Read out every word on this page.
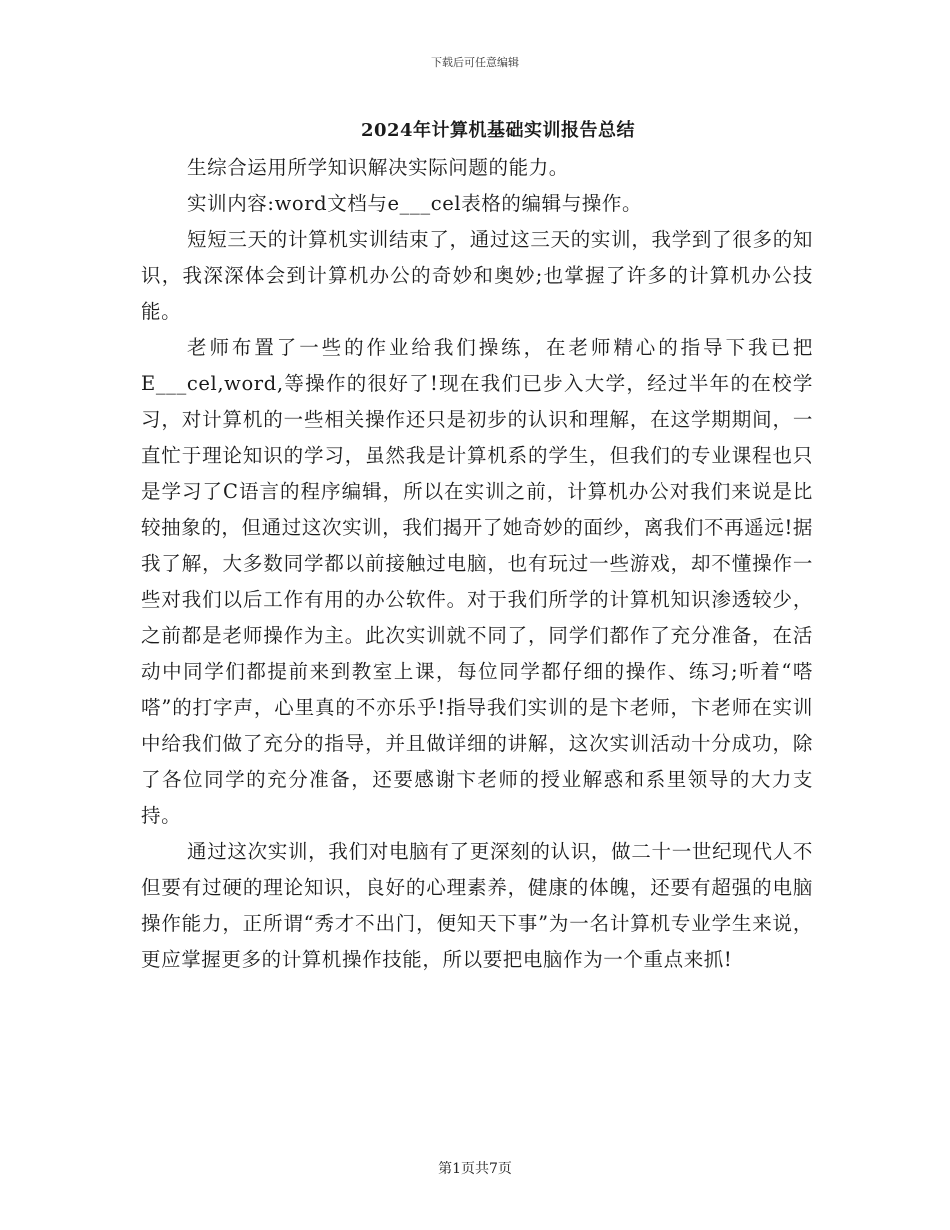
下载后可任意编辑
2024年计算机基础实训报告总结

生综合运用所学知识解决实际问题的能力。

实训内容:word文档与e___cel表格的编辑与操作。

短短三天的计算机实训结束了，通过这三天的实训，我学到了很多的知识，我深深体会到计算机办公的奇妙和奥妙;也掌握了许多的计算机办公技能。

老师布置了一些的作业给我们操练，在老师精心的指导下我已把E___cel,word,等操作的很好了!现在我们已步入大学，经过半年的在校学习，对计算机的一些相关操作还只是初步的认识和理解，在这学期期间，一直忙于理论知识的学习，虽然我是计算机系的学生，但我们的专业课程也只是学习了C语言的程序编辑，所以在实训之前，计算机办公对我们来说是比较抽象的，但通过这次实训，我们揭开了她奇妙的面纱，离我们不再遥远!据我了解，大多数同学都以前接触过电脑，也有玩过一些游戏，却不懂操作一些对我们以后工作有用的办公软件。对于我们所学的计算机知识渗透较少，之前都是老师操作为主。此次实训就不同了，同学们都作了充分准备，在活动中同学们都提前来到教室上课，每位同学都仔细的操作、练习;听着“嗒嗒”的打字声，心里真的不亦乐乎!指导我们实训的是卞老师，卞老师在实训中给我们做了充分的指导，并且做详细的讲解，这次实训活动十分成功，除了各位同学的充分准备，还要感谢卞老师的授业解惑和系里领导的大力支持。

通过这次实训，我们对电脑有了更深刻的认识，做二十一世纪现代人不但要有过硬的理论知识，良好的心理素养，健康的体魄，还要有超强的电脑操作能力，正所谓“秀才不出门，便知天下事”为一名计算机专业学生来说，更应掌握更多的计算机操作技能，所以要把电脑作为一个重点来抓!

第1页共7页
